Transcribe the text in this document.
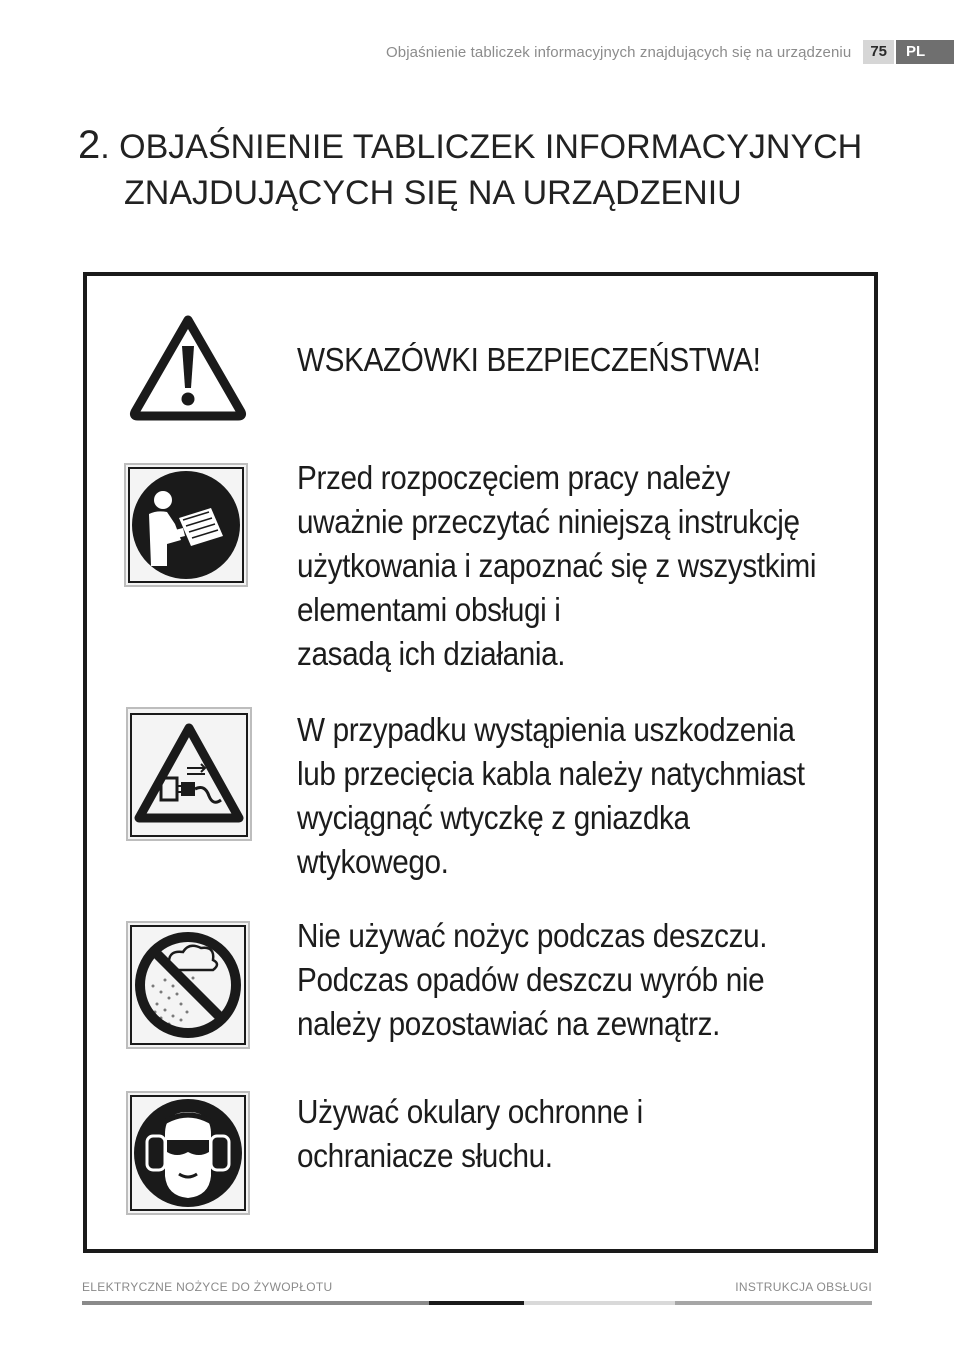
Objaśnienie tabliczek informacyjnych znajdujących się na urządzeniu	75	PL
2. OBJAŚNIENIE TABLICZEK INFORMACYJNYCH
ZNAJDUJĄCYCH SIĘ NA URZĄDZENIU
WSKAZÓWKI BEZPIECZEŃSTWA!
Przed rozpoczęciem pracy należy
uważnie przeczytać niniejszą instrukcję
użytkowania i zapoznać się z wszystkimi
elementami obsługi i
zasadą ich działania.
W przypadku wystąpienia uszkodzenia
lub przecięcia kabla należy natychmiast
wyciągnąć wtyczkę z gniazdka
wtykowego.
Nie używać nożyc podczas deszczu.
Podczas opadów deszczu wyrób nie
należy pozostawiać na zewnątrz.
Używać okulary ochronne i
ochraniacze słuchu.
ELEKTRYCZNE NOŻYCE DO ŻYWOPŁOTU	INSTRUKCJA OBSŁUGI
